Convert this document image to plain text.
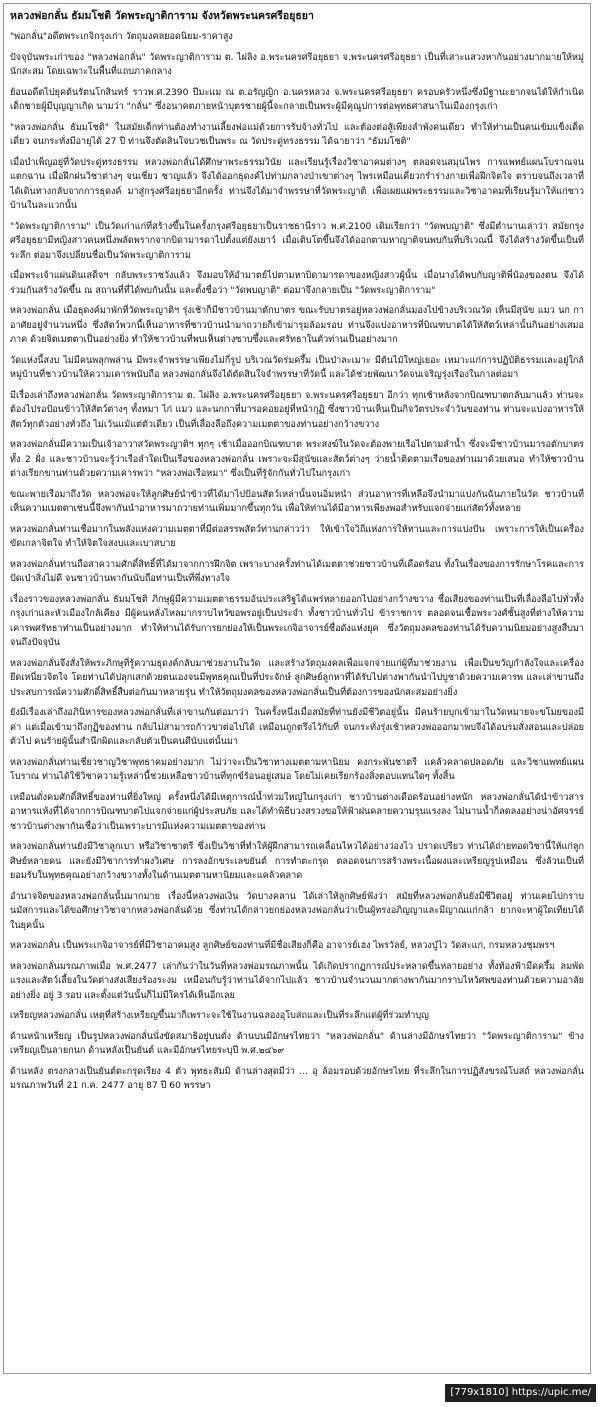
หลวงพ่อกลั่น ธัมมโชติ วัดพระญาติการาม จังหวัดพระนครศรีอยุธยา

"พ่อกลั่น"อดีตพระเกจิกรุงเก่า วัตถุมงคลยอดนิยม-ราคาสูง

ปัจจุบันพระเก่าของ "หลวงพ่อกลั่น" วัดพระญาติการาม ต. ไผ่ลิง อ.พระนครศรีอยุธยา จ.พระนครศรีอยุธยา เป็นที่เสาะแสวงหากันอย่างมากมายให้หมู่นักสะสม โดยเฉพาะในพื้นที่แถบภาคกลาง

ย้อนอดีตไปยุคต้นรัตนโกสินทร์ ราวพ.ศ.2390 ปีมะแม ณ ต.อรัญญิก อ.นครหลวง จ.พระนครศรีอยุธยา ครอบครัวหนึ่งซึ่งมีฐานะยากจนได้ให้กำเนิดเด็กชายผู้มีบุญญาเกิด นามว่า "กลั่น" ซึ่งอนาคตภายหน้าบุตรชายผู้นี้จะกลายเป็นพระผู้มีคุณูปการต่อพุทธศาสนาในเมืองกรุงเก่า

"หลวงพ่อกลั่น ธัมมโชติ" ในสมัยเด็กท่านต้องทำงานเลี้ยงพ่อแม่ด้วยการรับจ้างทั่วไป และต้องต่อสู้เพียงลำพังคนเดียว ทำให้ท่านเป็นคนเข้มแข็งเด็ดเดี่ยว จนกระทั่งมีอายุได้ 27 ปี ท่านจึงตัดสินใจบวชเป็นพระ ณ วัดประดู่ทรงธรรม ได้ฉายาว่า "ธัมมโชติ"

เมื่อบำเพ็ญอยู่ที่วัดประดู่ทรงธรรม หลวงพ่อกลั่นได้ศึกษาพระธรรมวินัย และเรียนรู้เรื่องวิชาอาคมต่างๆ ตลอดจนสมุนไพร การแพทย์แผนโบราณจนแตกฉาน เมื่อฝึกฝนวิชาต่างๆ จนเชี่ยว ชาญแล้ว จึงได้ออกธุดงค์ไปท่ามกลางป่าเขาต่างๆ ไพรเหมือนเคี่ยวกรำร่างกายเพื่อฝึกจิตใจ ตราบจนถึงเวลาที่ได้เดินทางกลับจากการธุดงค์ มาสู่กรุงศรีอยุธยาอีกครั้ง ท่านจึงได้มาจำพรรษาที่วัดพระญาติ เพื่อเผยแผ่พระธรรมและวิชาอาคมที่เรียนรู้มาให้แก่ชาวบ้านในละแวกนั้น

"วัดพระญาติการาม" เป็นวัดเก่าแก่ที่สร้างขึ้นในครั้งกรุงศรีอยุธยาเป็นราชธานีราว พ.ศ.2100 เดิมเรียกว่า "วัดพบญาติ" ซึ่งมีตำนานเล่าว่า สมัยกรุงศรีอยุธยามีหญิงสาวคนหนึ่งพลัดพรากจากบิดามารดาไปตั้งแต่ยังเยาว์ เมื่อเติบโตขึ้นจึงได้ออกตามหาญาติจนพบกันที่บริเวณนี้ จึงได้สร้างวัดขึ้นเป็นที่ระลึก ต่อมาจึงเปลี่ยนชื่อเป็นวัดพระญาติการาม

เมื่อพระเจ้าแผ่นดินเสด็จฯ กลับพระราชวังแล้ว จึงมอบให้อำมาตย์ไปตามหาบิดามารดาของหญิงสาวผู้นั้น เมื่อนางได้พบกับญาติพี่น้องของตน จึงได้ร่วมกันสร้างวัดขึ้น ณ สถานที่ที่ได้พบกันนั้น และตั้งชื่อว่า "วัดพบญาติ" ต่อมาจึงกลายเป็น "วัดพระญาติการาม"

หลวงพ่อกลั่น เมื่อธุดงค์มาพักที่วัดพระญาติฯ รุ่งเช้าก็มีชาวบ้านมาตักบาตร ขณะรับบาตรอยู่หลวงพ่อกลั่นมองไปข้างบริเวณวัด เห็นมีสุนัข แมว นก กา อาศัยอยู่จำนวนหนึ่ง ซึ่งสัตว์พวกนี้เห็นอาหารที่ชาวบ้านนำมาถวายก็เข้ามารุมล้อมรอบ ท่านจึงแบ่งอาหารที่บิณฑบาตได้ให้สัตว์เหล่านั้นกินอย่างเสมอภาค ด้วยจิตเมตตาเป็นอย่างยิ่ง ทำให้ชาวบ้านที่พบเห็นต่างซาบซึ้งและศรัทธาในตัวท่านเป็นอย่างมาก

วัดแห่งนี้สงบ ไม่มีคนพลุกพล่าน มีพระจำพรรษาเพียงไม่กี่รูป บริเวณวัดร่มครึ้ม เป็นป่าละเมาะ มีต้นไม้ใหญ่เยอะ เหมาะแก่การปฏิบัติธรรมและอยู่ใกล้หมู่บ้านที่ชาวบ้านให้ความเคารพนับถือ หลวงพ่อกลั่นจึงได้ตัดสินใจจำพรรษาที่วัดนี้ และได้ช่วยพัฒนาวัดจนเจริญรุ่งเรืองในกาลต่อมา

มีเรื่องเล่าถึงหลวงพ่อกลั่น วัดพระญาติการาม ต. ไผ่ลิง อ.พระนครศรีอยุธยา จ.พระนครศรีอยุธยา อีกว่า ทุกเช้าหลังจากบิณฑบาตกลับมาแล้ว ท่านจะต้องไปรอป้อนข้าวให้สัตว์ต่างๆ ทั้งหมา ไก่ แมว และนกกาที่มารอคอยอยู่ที่หน้ากุฏิ ซึ่งชาวบ้านเห็นเป็นกิจวัตรประจำวันของท่าน ท่านจะแบ่งอาหารให้สัตว์ทุกตัวอย่างทั่วถึง ไม่เว้นแม้แต่ตัวเดียว เป็นที่เลื่องลือถึงความเมตตาของท่านอย่างกว้างขวาง

หลวงพ่อกลั่นมีความเป็นเจ้าอาวาสวัดพระญาติฯ ทุกๆ เช้าเมื่อออกบิณฑบาต พระสงฆ์ในวัดจะต้องพายเรือไปตามลำน้ำ ซึ่งจะมีชาวบ้านมารอตักบาตรทั้ง 2 ฝั่ง และชาวบ้านจะรู้ว่าเรือลำใดเป็นเรือของหลวงพ่อกลั่น เพราะจะมีสุนัขและสัตว์ต่างๆ ว่ายน้ำติดตามเรือของท่านมาด้วยเสมอ ทำให้ชาวบ้านต่างเรียกขานท่านด้วยความเคารพว่า "หลวงพ่อเรือหมา" ซึ่งเป็นที่รู้จักกันทั่วไปในกรุงเก่า

ขณะพายเรือมาถึงวัด หลวงพ่อจะให้ลูกศิษย์นำข้าวที่ได้มาไปป้อนสัตว์เหล่านั้นจนอิ่มหนำ ส่วนอาหารที่เหลือจึงนำมาแบ่งกันฉันภายในวัด ชาวบ้านที่เห็นความเมตตาเช่นนี้จึงพากันนำอาหารมาถวายท่านเพิ่มมากขึ้นทุกวัน เพื่อให้ท่านได้มีอาหารเพียงพอสำหรับแจกจ่ายแก่สัตว์ทั้งหลาย

หลวงพ่อกลั่นท่านเชื่อมากในพลังแห่งความเมตตาที่มีต่อสรรพสัตว์ท่านกล่าวว่า ให้เข้าใจวิถีแห่งการให้ทานและการแบ่งปัน เพราะการให้เป็นเครื่องขัดเกลาจิตใจ ทำให้จิตใจสงบและเบาสบาย

หลวงพ่อกลั่นท่านถือสาความศักดิ์สิทธิ์ที่ได้มาจากการฝึกจิต เพราะบางครั้งท่านได้เมตตาช่วยชาวบ้านที่เดือดร้อน ทั้งในเรื่องของการรักษาโรคและการปัดเป่าสิ่งไม่ดี จนชาวบ้านพากันนับถือท่านเป็นที่พึ่งทางใจ

เรื่องราวของหลวงพ่อกลั่น ธัมมโชติ ภิกษุผู้มีความเมตตาธรรมอันประเสริฐได้แพร่หลายออกไปอย่างกว้างขวาง ชื่อเสียงของท่านเป็นที่เลื่องลือไปทั่วทั้งกรุงเก่าและหัวเมืองใกล้เคียง มีผู้คนหลั่งไหลมากราบไหว้ขอพรอยู่เป็นประจำ ทั้งชาวบ้านทั่วไป ข้าราชการ ตลอดจนเชื้อพระวงศ์ชั้นสูงที่ต่างให้ความเคารพศรัทธาท่านเป็นอย่างมาก ทำให้ท่านได้รับการยกย่องให้เป็นพระเกจิอาจารย์ชื่อดังแห่งยุค ซึ่งวัตถุมงคลของท่านได้รับความนิยมอย่างสูงสืบมาจนถึงปัจจุบัน

หลวงพ่อกลั่นจึงสั่งให้พระภิกษุที่รู้ความธุดงค์กลับมาช่วยงานในวัด และสร้างวัตถุมงคลเพื่อแจกจ่ายแก่ผู้ที่มาช่วยงาน เพื่อเป็นขวัญกำลังใจและเครื่องยึดเหนี่ยวจิตใจ โดยท่านได้ปลุกเสกด้วยตนเองจนมีพุทธคุณเป็นที่ประจักษ์ ลูกศิษย์ลูกหาที่ได้รับไปต่างพากันนำไปบูชาด้วยความเคารพ และเล่าขานถึงประสบการณ์ความศักดิ์สิทธิ์สืบต่อกันมาหลายรุ่น ทำให้วัตถุมงคลของหลวงพ่อกลั่นเป็นที่ต้องการของนักสะสมอย่างยิ่ง

ยังมีเรื่องเล่าถึงอภินิหารของหลวงพ่อกลั่นที่เล่าขานกันต่อมาว่า ในครั้งหนึ่งเมื่อสมัยที่ท่านยังมีชีวิตอยู่นั้น มีคนร้ายบุกเข้ามาในวัดหมายจะขโมยของมีค่า แต่เมื่อเข้ามาถึงกุฏิของท่าน กลับไม่สามารถก้าวขาต่อไปได้ เหมือนถูกตรึงไว้กับที่ จนกระทั่งรุ่งเช้าหลวงพ่อออกมาพบจึงได้อบรมสั่งสอนและปล่อยตัวไป คนร้ายผู้นั้นสำนึกผิดและกลับตัวเป็นคนดีนับแต่นั้นมา

หลวงพ่อกลั่นท่านเชี่ยวชาญวิชาพุทธาคมอย่างมาก ไม่ว่าจะเป็นวิชาทางเมตตามหานิยม คงกระพันชาตรี แคล้วคลาดปลอดภัย และวิชาแพทย์แผนโบราณ ท่านได้ใช้วิชาความรู้เหล่านี้ช่วยเหลือชาวบ้านที่ทุกข์ร้อนอยู่เสมอ โดยไม่เคยเรียกร้องสิ่งตอบแทนใดๆ ทั้งสิ้น

เหมือนดั่งคมศักดิ์สิทธิ์ของท่านที่ยิ่งใหญ่ ครั้งหนึ่งได้มีเหตุการณ์น้ำท่วมใหญ่ในกรุงเก่า ชาวบ้านต่างเดือดร้อนอย่างหนัก หลวงพ่อกลั่นได้นำข้าวสารอาหารแห้งที่ได้จากการบิณฑบาตไปแจกจ่ายแก่ผู้ประสบภัย และได้ทำพิธีบวงสรวงขอให้ฟ้าฝนคลายความรุนแรงลง ไม่นานน้ำก็ลดลงอย่างน่าอัศจรรย์ ชาวบ้านต่างพากันเชื่อว่าเป็นเพราะบารมีแห่งความเมตตาของท่าน

หลวงพ่อกลั่นท่านยังมีวิชาลูกเบา หรือวิชาชาตรี ซึ่งเป็นวิชาที่ทำให้ผู้ฝึกสามารถเคลื่อนไหวได้อย่างว่องไว ปราดเปรียว ท่านได้ถ่ายทอดวิชานี้ให้แก่ลูกศิษย์หลายคน และยังมีวิชาการทำผงวิเศษ การลงอักขระเลขยันต์ การทำตะกรุด ตลอดจนการสร้างพระเนื้อผงและเหรียญรูปเหมือน ซึ่งล้วนเป็นที่ยอมรับในพุทธคุณอย่างกว้างขวางทั้งในด้านเมตตามหานิยมและแคล้วคลาด

อำนาจจิตของหลวงพ่อกลั่นนั้นมากมาย เรื่องนี้หลวงพ่อเงิน วัดบางคลาน ได้เล่าให้ลูกศิษย์ฟังว่า สมัยที่หลวงพ่อกลั่นยังมีชีวิตอยู่ ท่านเคยไปกราบนมัสการและได้ขอศึกษาวิชาจากหลวงพ่อกลั่นด้วย ซึ่งท่านได้กล่าวยกย่องหลวงพ่อกลั่นว่าเป็นผู้ทรงอภิญญาและมีญาณแก่กล้า ยากจะหาผู้ใดเทียบได้ในยุคนั้น

หลวงพ่อกลั่น เป็นพระเกจิอาจารย์ที่มีวิชาอาคมสูง ลูกศิษย์ของท่านที่มีชื่อเสียงก็คือ อาจารย์เฮง ไพรวัลย์, หลวงปู่ไว วัดสะแก, กรมหลวงชุมพรฯ

หลวงพ่อกลั่นมรณภาพเมื่อ พ.ศ.2477 เล่ากันว่าในวันที่หลวงพ่อมรณภาพนั้น ได้เกิดปรากฏการณ์ประหลาดขึ้นหลายอย่าง ทั้งท้องฟ้ามืดครึ้ม ลมพัดแรงและสัตว์เลี้ยงในวัดต่างส่งเสียงร้องระงม เหมือนกับรู้ว่าท่านได้จากไปแล้ว ชาวบ้านจำนวนมากต่างพากันมากราบไหว้ศพของท่านด้วยความอาลัยอย่างยิ่ง อยู่ 3 รอบ และตั้งแต่วันนั้นก็ไม่มีใครได้เห็นอีกเลย

เหรียญหลวงพ่อกลั่น เหตุที่สร้างเหรียญขึ้นมาก็เพราะจะใช้ในงานฉลองอุโบสถและเป็นที่ระลึกแด่ผู้ที่ร่วมทำบุญ

ด้านหน้าเหรียญ เป็นรูปหลวงพ่อกลั่นนั่งขัดสมาธิอยู่บนตั่ง ด้านบนมีอักษรไทยว่า "หลวงพ่อกลั่น" ด้านล่างมีอักษรไทยว่า "วัดพระญาติการาม" ข้างเหรียญเป็นลายกนก ด้านหลังเป็นยันต์ และมีอักษรไทยระบุปี พ.ศ.๒๔๖๙

ด้านหลัง ตรงกลางเป็นยันต์ตะกรุดเรียง 4 ตัว พุทธะสัมมิ ด้านล่างสุดมีว่า ... อุ ล้อมรอบด้วยอักษรไทย ที่ระลึกในการปฏิสังขรณ์โบสถ์ หลวงพ่อกลั่นมรณภาพวันที่ 21 ก.ค. 2477 อายุ 87 ปี 60 พรรษา

[779x1810] https://upic.me/
